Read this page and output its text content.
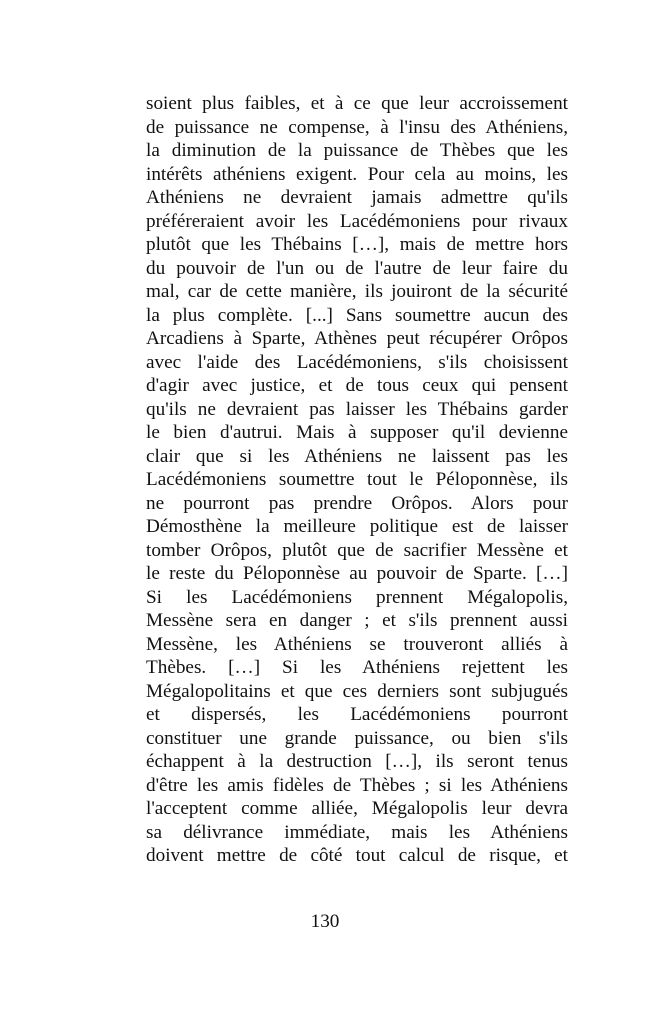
soient plus faibles, et à ce que leur accroissement
de puissance ne compense, à l'insu des Athéniens,
la diminution de la puissance de Thèbes que les
intérêts athéniens exigent. Pour cela au moins, les
Athéniens ne devraient jamais admettre qu'ils
préféreraient avoir les Lacédémoniens pour rivaux
plutôt que les Thébains […], mais de mettre hors
du pouvoir de l'un ou de l'autre de leur faire du
mal, car de cette manière, ils jouiront de la sécurité
la plus complète. [...] Sans soumettre aucun des
Arcadiens à Sparte, Athènes peut récupérer Orôpos
avec l'aide des Lacédémoniens, s'ils choisissent
d'agir avec justice, et de tous ceux qui pensent
qu'ils ne devraient pas laisser les Thébains garder
le bien d'autrui. Mais à supposer qu'il devienne
clair que si les Athéniens ne laissent pas les
Lacédémoniens soumettre tout le Péloponnèse, ils
ne pourront pas prendre Orôpos. Alors pour
Démosthène la meilleure politique est de laisser
tomber Orôpos, plutôt que de sacrifier Messène et
le reste du Péloponnèse au pouvoir de Sparte. […]
Si les Lacédémoniens prennent Mégalopolis,
Messène sera en danger ; et s'ils prennent aussi
Messène, les Athéniens se trouveront alliés à
Thèbes. […] Si les Athéniens rejettent les
Mégalopolitains et que ces derniers sont subjugués
et dispersés, les Lacédémoniens pourront
constituer une grande puissance, ou bien s'ils
échappent à la destruction […], ils seront tenus
d'être les amis fidèles de Thèbes ; si les Athéniens
l'acceptent comme alliée, Mégalopolis leur devra
sa délivrance immédiate, mais les Athéniens
doivent mettre de côté tout calcul de risque, et
130
